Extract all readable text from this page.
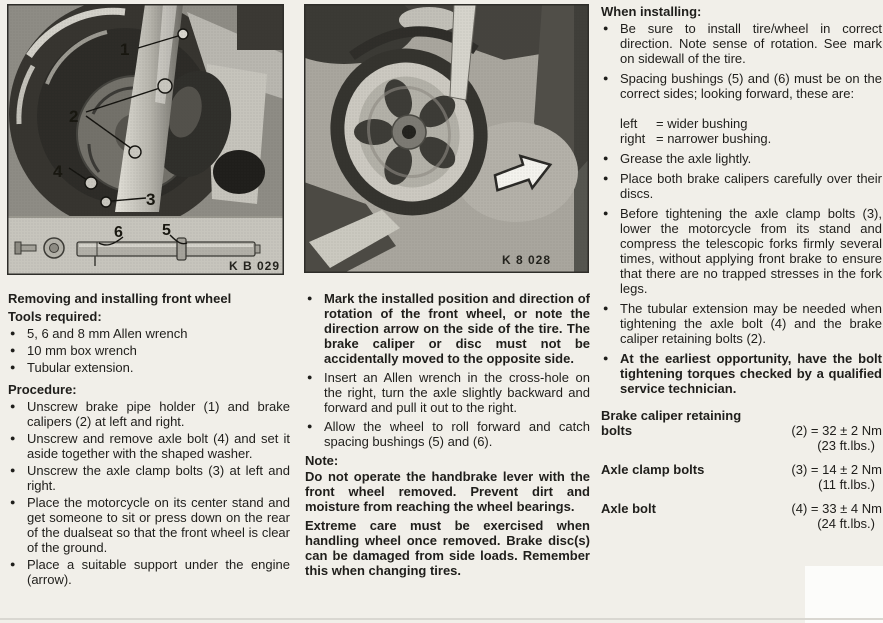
Removing and installing front wheel

Tools required:

● 5, 6 and 8 mm Allen wrench
● 10 mm box wrench
● Tubular extension.

Procedure:

● Unscrew brake pipe holder (1) and brake calipers (2) at left and right.
● Unscrew and remove axle bolt (4) and set it aside together with the shaped washer.
● Unscrew the axle clamp bolts (3) at left and right.
● Place the motorcycle on its center stand and get someone to sit or press down on the rear of the dualseat so that the front wheel is clear of the ground.
● Place a suitable support under the engine (arrow).
● Mark the installed position and direction of rotation of the front wheel, or note the direction arrow on the side of the tire. The brake caliper or disc must not be accidentally moved to the opposite side.
● Insert an Allen wrench in the cross-hole on the right, turn the axle slightly backward and forward and pull it out to the right.
● Allow the wheel to roll forward and catch spacing bushings (5) and (6).

Note:

Do not operate the handbrake lever with the front wheel removed. Prevent dirt and moisture from reaching the wheel bearings.

Extreme care must be exercised when handling wheel once removed. Brake disc(s) can be damaged from side loads. Remember this when changing tires.

When installing:

● Be sure to install tire/wheel in correct direction. Note sense of rotation. See mark on sidewall of the tire.
● Spacing bushings (5) and (6) must be on the correct sides; looking forward, these are:
left = wider bushing
right = narrower bushing.
● Grease the axle lightly.
● Place both brake calipers carefully over their discs.
● Before tightening the axle clamp bolts (3), lower the motorcycle from its stand and compress the telescopic forks firmly several times, without applying front brake to ensure that there are no trapped stresses in the fork legs.
● The tubular extension may be needed when tightening the axle bolt (4) and the brake caliper retaining bolts (2).
● At the earliest opportunity, have the bolt tightening torques checked by a qualified service technician.
Brake caliper retaining bolts	(2) = 32 ± 2 Nm
(23 ft.lbs.)
Axle clamp bolts	(3) = 14 ± 2 Nm
(11 ft.lbs.)
Axle bolt	(4) = 33 ± 4 Nm
(24 ft.lbs.)
